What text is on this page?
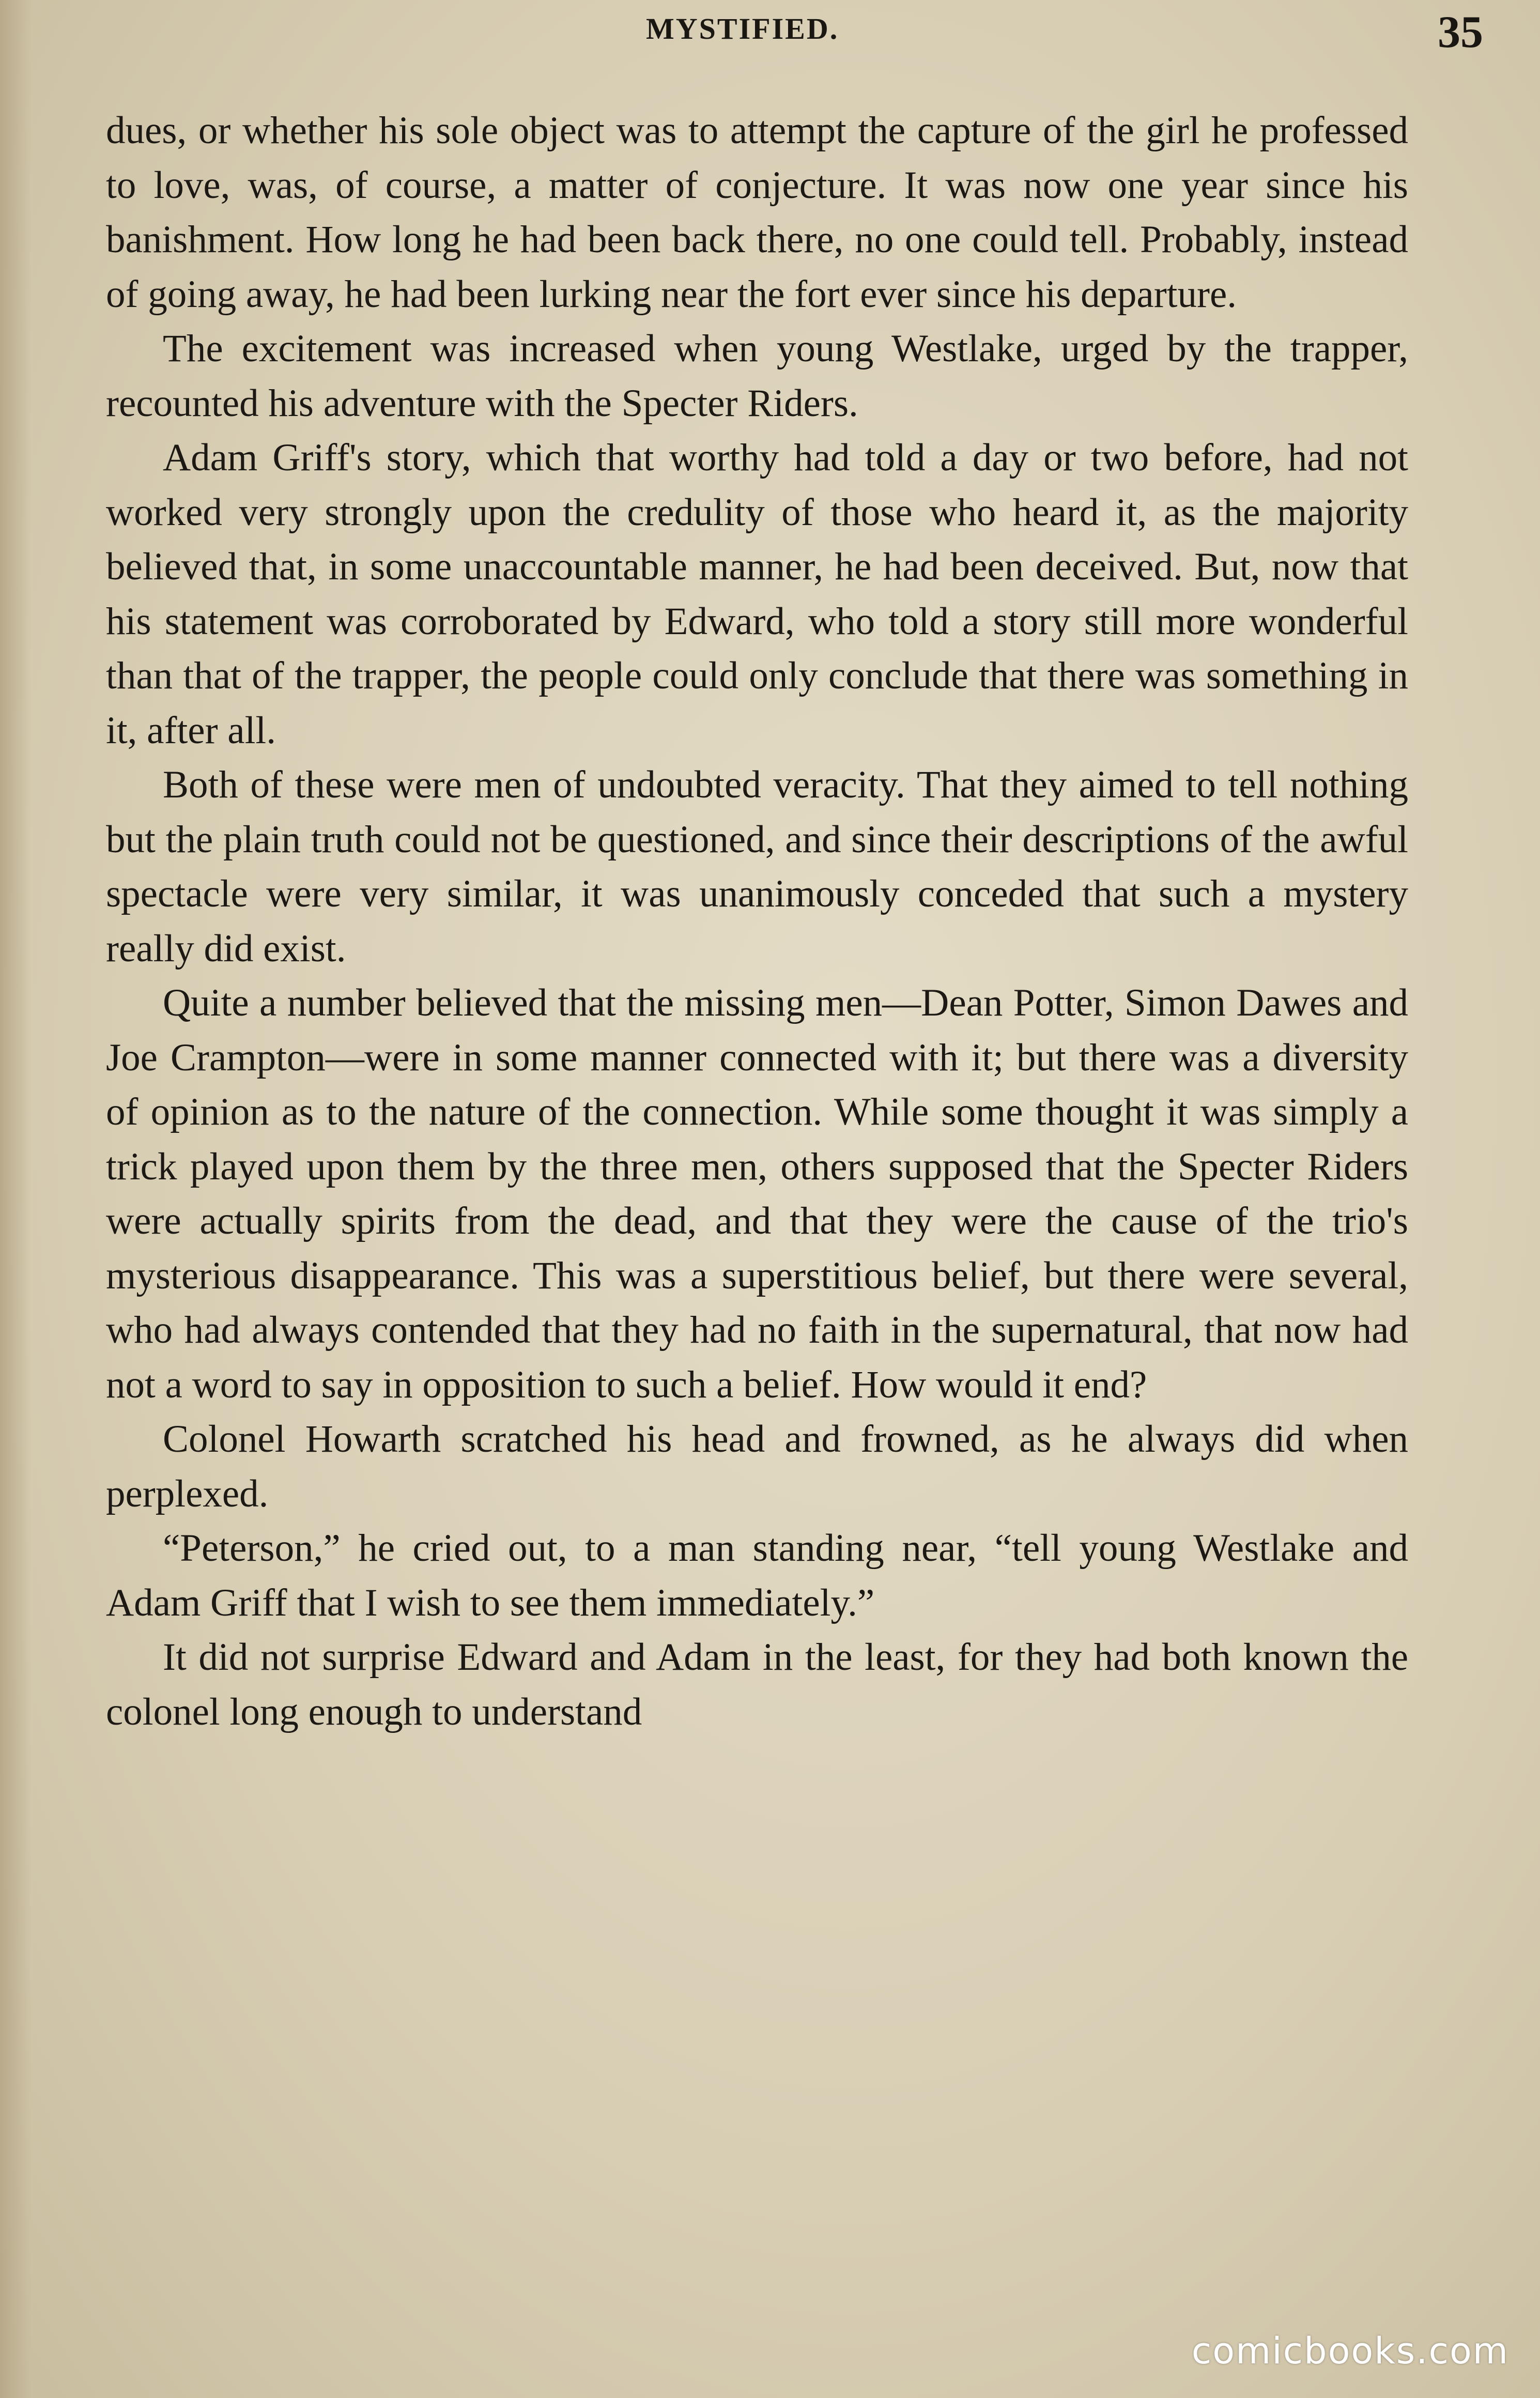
MYSTIFIED.	35

dues, or whether his sole object was to attempt the capture of the girl he professed to love, was, of course, a matter of conjecture. It was now one year since his banishment. How long he had been back there, no one could tell. Probably, instead of going away, he had been lurking near the fort ever since his departure.

The excitement was increased when young Westlake, urged by the trapper, recounted his adventure with the Specter Riders.

Adam Griff's story, which that worthy had told a day or two before, had not worked very strongly upon the credulity of those who heard it, as the majority believed that, in some unaccountable manner, he had been deceived. But, now that his statement was corroborated by Edward, who told a story still more wonderful than that of the trapper, the people could only conclude that there was something in it, after all.

Both of these were men of undoubted veracity. That they aimed to tell nothing but the plain truth could not be questioned, and since their descriptions of the awful spectacle were very similar, it was unanimously conceded that such a mystery really did exist.

Quite a number believed that the missing men—Dean Potter, Simon Dawes and Joe Crampton—were in some manner connected with it; but there was a diversity of opinion as to the nature of the connection. While some thought it was simply a trick played upon them by the three men, others supposed that the Specter Riders were actually spirits from the dead, and that they were the cause of the trio's mysterious disappearance. This was a superstitious belief, but there were several, who had always contended that they had no faith in the supernatural, that now had not a word to say in opposition to such a belief. How would it end?

Colonel Howarth scratched his head and frowned, as he always did when perplexed.

“Peterson,” he cried out, to a man standing near, “tell young Westlake and Adam Griff that I wish to see them immediately.”

It did not surprise Edward and Adam in the least, for they had both known the colonel long enough to understand

comicbooks.com
